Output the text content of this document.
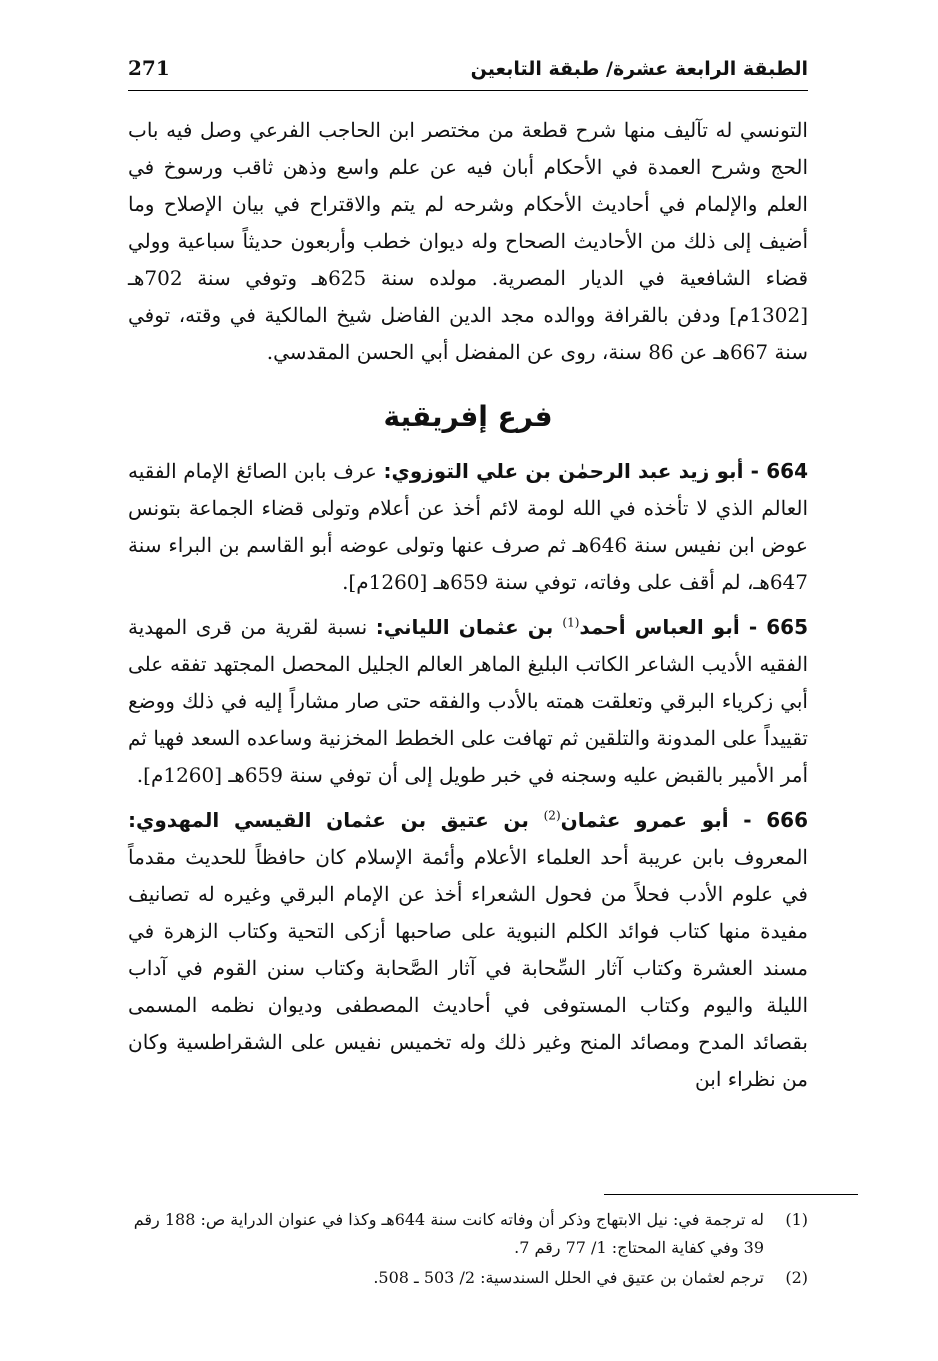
الطبقة الرابعة عشرة/ طبقة التابعين
271

التونسي له تآليف منها شرح قطعة من مختصر ابن الحاجب الفرعي وصل فيه باب الحج وشرح العمدة في الأحكام أبان فيه عن علم واسع وذهن ثاقب ورسوخ في العلم والإلمام في أحاديث الأحكام وشرحه لم يتم والاقتراح في بيان الإصلاح وما أضيف إلى ذلك من الأحاديث الصحاح وله ديوان خطب وأربعون حديثاً سباعية وولي قضاء الشافعية في الديار المصرية. مولده سنة 625هـ وتوفي سنة 702هـ [1302م] ودفن بالقرافة ووالده مجد الدين الفاضل شيخ المالكية في وقته، توفي سنة 667هـ عن 86 سنة، روى عن المفضل أبي الحسن المقدسي.

فرع إفريقية

664 - أبو زيد عبد الرحمٰن بن علي التوزوي: عرف بابن الصائغ الإمام الفقيه العالم الذي لا تأخذه في الله لومة لائم أخذ عن أعلام وتولى قضاء الجماعة بتونس عوض ابن نفيس سنة 646هـ ثم صرف عنها وتولى عوضه أبو القاسم بن البراء سنة 647هـ، لم أقف على وفاته، توفي سنة 659هـ [1260م].

665 - أبو العباس أحمد$^{(1)}$ بن عثمان اللياني: نسبة لقرية من قرى المهدية الفقيه الأديب الشاعر الكاتب البليغ الماهر العالم الجليل المحصل المجتهد تفقه على أبي زكرياء البرقي وتعلقت همته بالأدب والفقه حتى صار مشاراً إليه في ذلك ووضع تقييداً على المدونة والتلقين ثم تهافت على الخطط المخزنية وساعده السعد فهيا ثم أمر الأمير بالقبض عليه وسجنه في خبر طويل إلى أن توفي سنة 659هـ [1260م].

666 - أبو عمرو عثمان$^{(2)}$ بن عتيق بن عثمان القيسي المهدوي: المعروف بابن عريبة أحد العلماء الأعلام وأئمة الإسلام كان حافظاً للحديث مقدماً في علوم الأدب فحلاً من فحول الشعراء أخذ عن الإمام البرقي وغيره له تصانيف مفيدة منها كتاب فوائد الكلم النبوية على صاحبها أزكى التحية وكتاب الزهرة في مسند العشرة وكتاب آثار السِّحابة في آثار الصَّحابة وكتاب سنن القوم في آداب الليلة واليوم وكتاب المستوفى في أحاديث المصطفى وديوان نظمه المسمى بقصائد المدح ومصائد المنح وغير ذلك وله تخميس نفيس على الشقراطسية وكان من نظراء ابن

(1)
له ترجمة في: نيل الابتهاج وذكر أن وفاته كانت سنة 644هـ وكذا في عنوان الدراية ص: 188 رقم 39 وفي كفاية المحتاج: 1/ 77 رقم 7.
(2)
ترجم لعثمان بن عتيق في الحلل السندسية: 2/ 503 ـ 508.
